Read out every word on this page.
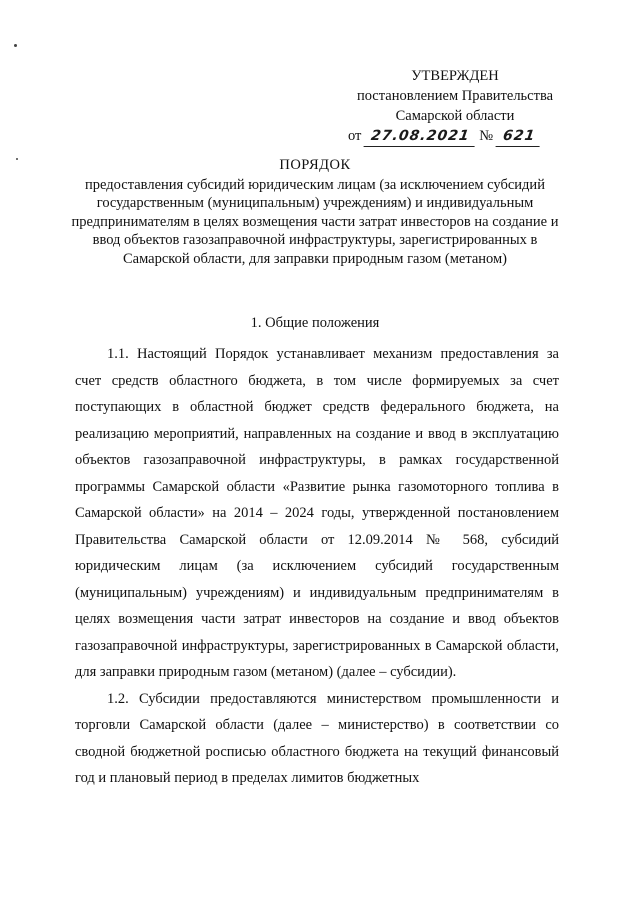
УТВЕРЖДЕН
постановлением Правительства
Самарской области
от 27.08.2021 № 621
ПОРЯДОК
предоставления субсидий юридическим лицам (за исключением субсидий государственным (муниципальным) учреждениям) и индивидуальным предпринимателям в целях возмещения части затрат инвесторов на создание и ввод объектов газозаправочной инфраструктуры, зарегистрированных в Самарской области, для заправки природным газом (метаном)
1. Общие положения

1.1. Настоящий Порядок устанавливает механизм предоставления за счет средств областного бюджета, в том числе формируемых за счет поступающих в областной бюджет средств федерального бюджета, на реализацию мероприятий, направленных на создание и ввод в эксплуатацию объектов газозаправочной инфраструктуры, в рамках государственной программы Самарской области «Развитие рынка газомоторного топлива в Самарской области» на 2014 – 2024 годы, утвержденной постановлением Правительства Самарской области от 12.09.2014 № 568, субсидий юридическим лицам (за исключением субсидий государственным (муниципальным) учреждениям) и индивидуальным предпринимателям в целях возмещения части затрат инвесторов на создание и ввод объектов газозаправочной инфраструктуры, зарегистрированных в Самарской области, для заправки природным газом (метаном) (далее – субсидии).

1.2. Субсидии предоставляются министерством промышленности и торговли Самарской области (далее – министерство) в соответствии со сводной бюджетной росписью областного бюджета на текущий финансовый год и плановый период в пределах лимитов бюджетных
